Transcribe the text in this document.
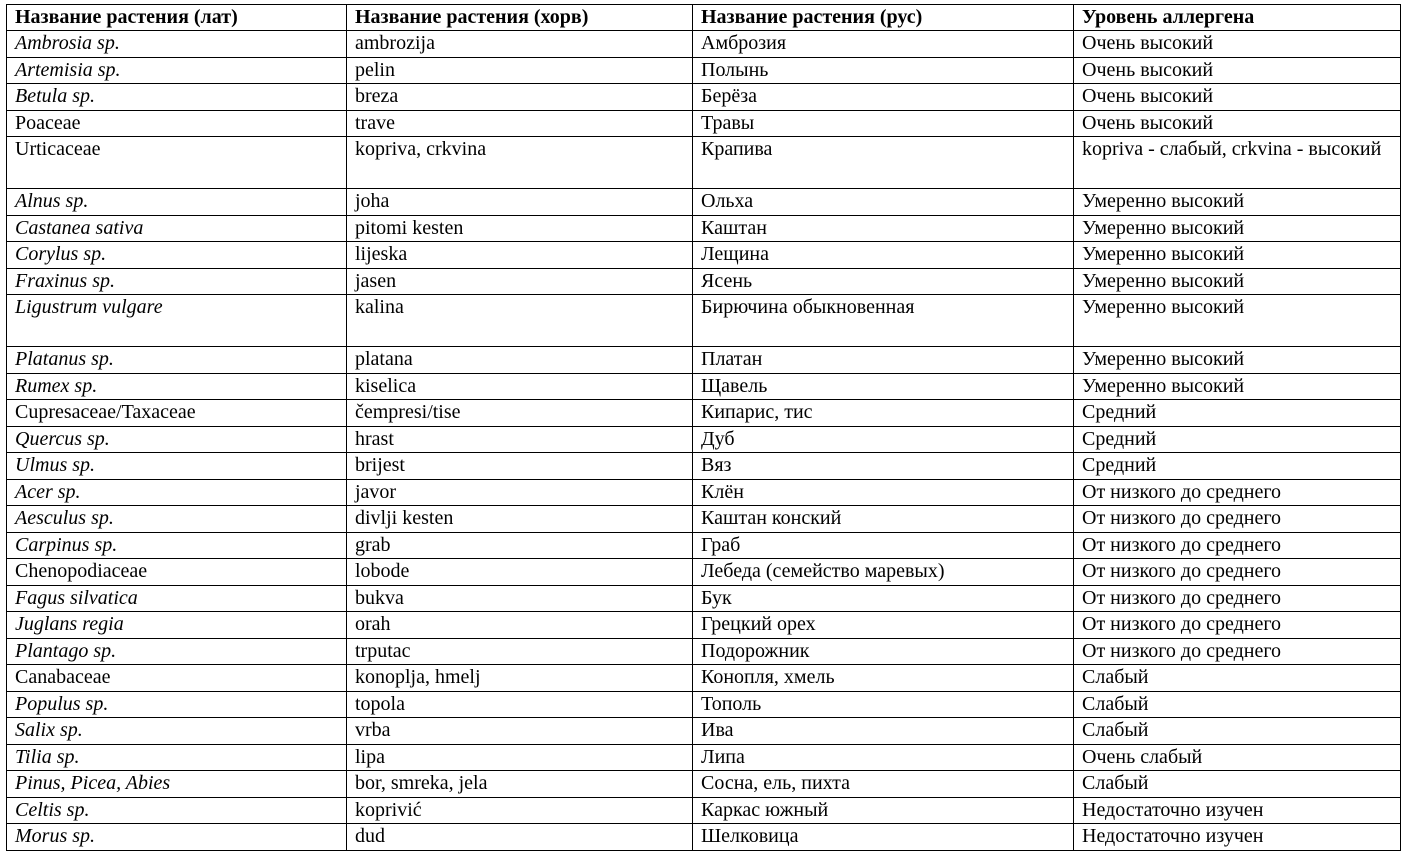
Название растения (лат)	Название растения (хорв)	Название растения (рус)	Уровень аллергена
Ambrosia sp.	ambrozija	Амброзия	Очень высокий
Artemisia sp.	pelin	Полынь	Очень высокий
Betula sp.	breza	Берёза	Очень высокий
Poaceae	trave	Травы	Очень высокий
Urticaceae	kopriva, crkvina	Крапива	kopriva - слабый, crkvina - высокий
Alnus sp.	joha	Ольха	Умеренно высокий
Castanea sativa	pitomi kesten	Каштан	Умеренно высокий
Corylus sp.	lijeska	Лещина	Умеренно высокий
Fraxinus sp.	jasen	Ясень	Умеренно высокий
Ligustrum vulgare	kalina	Бирючина обыкновенная	Умеренно высокий
Platanus sp.	platana	Платан	Умеренно высокий
Rumex sp.	kiselica	Щавель	Умеренно высокий
Cupresaceae/Taxaceae	čempresi/tise	Кипарис, тис	Средний
Quercus sp.	hrast	Дуб	Средний
Ulmus sp.	brijest	Вяз	Средний
Acer sp.	javor	Клён	От низкого до среднего
Aesculus sp.	divlji kesten	Каштан конский	От низкого до среднего
Carpinus sp.	grab	Граб	От низкого до среднего
Chenopodiaceae	lobode	Лебеда (семейство маревых)	От низкого до среднего
Fagus silvatica	bukva	Бук	От низкого до среднего
Juglans regia	orah	Грецкий орех	От низкого до среднего
Plantago sp.	trputac	Подорожник	От низкого до среднего
Canabaceae	konoplja, hmelj	Конопля, хмель	Слабый
Populus sp.	topola	Тополь	Слабый
Salix sp.	vrba	Ива	Слабый
Tilia sp.	lipa	Липа	Очень слабый
Pinus, Picea, Abies	bor, smreka, jela	Сосна, ель, пихта	Слабый
Celtis sp.	koprivić	Каркас южный	Недостаточно изучен
Morus sp.	dud	Шелковица	Недостаточно изучен
